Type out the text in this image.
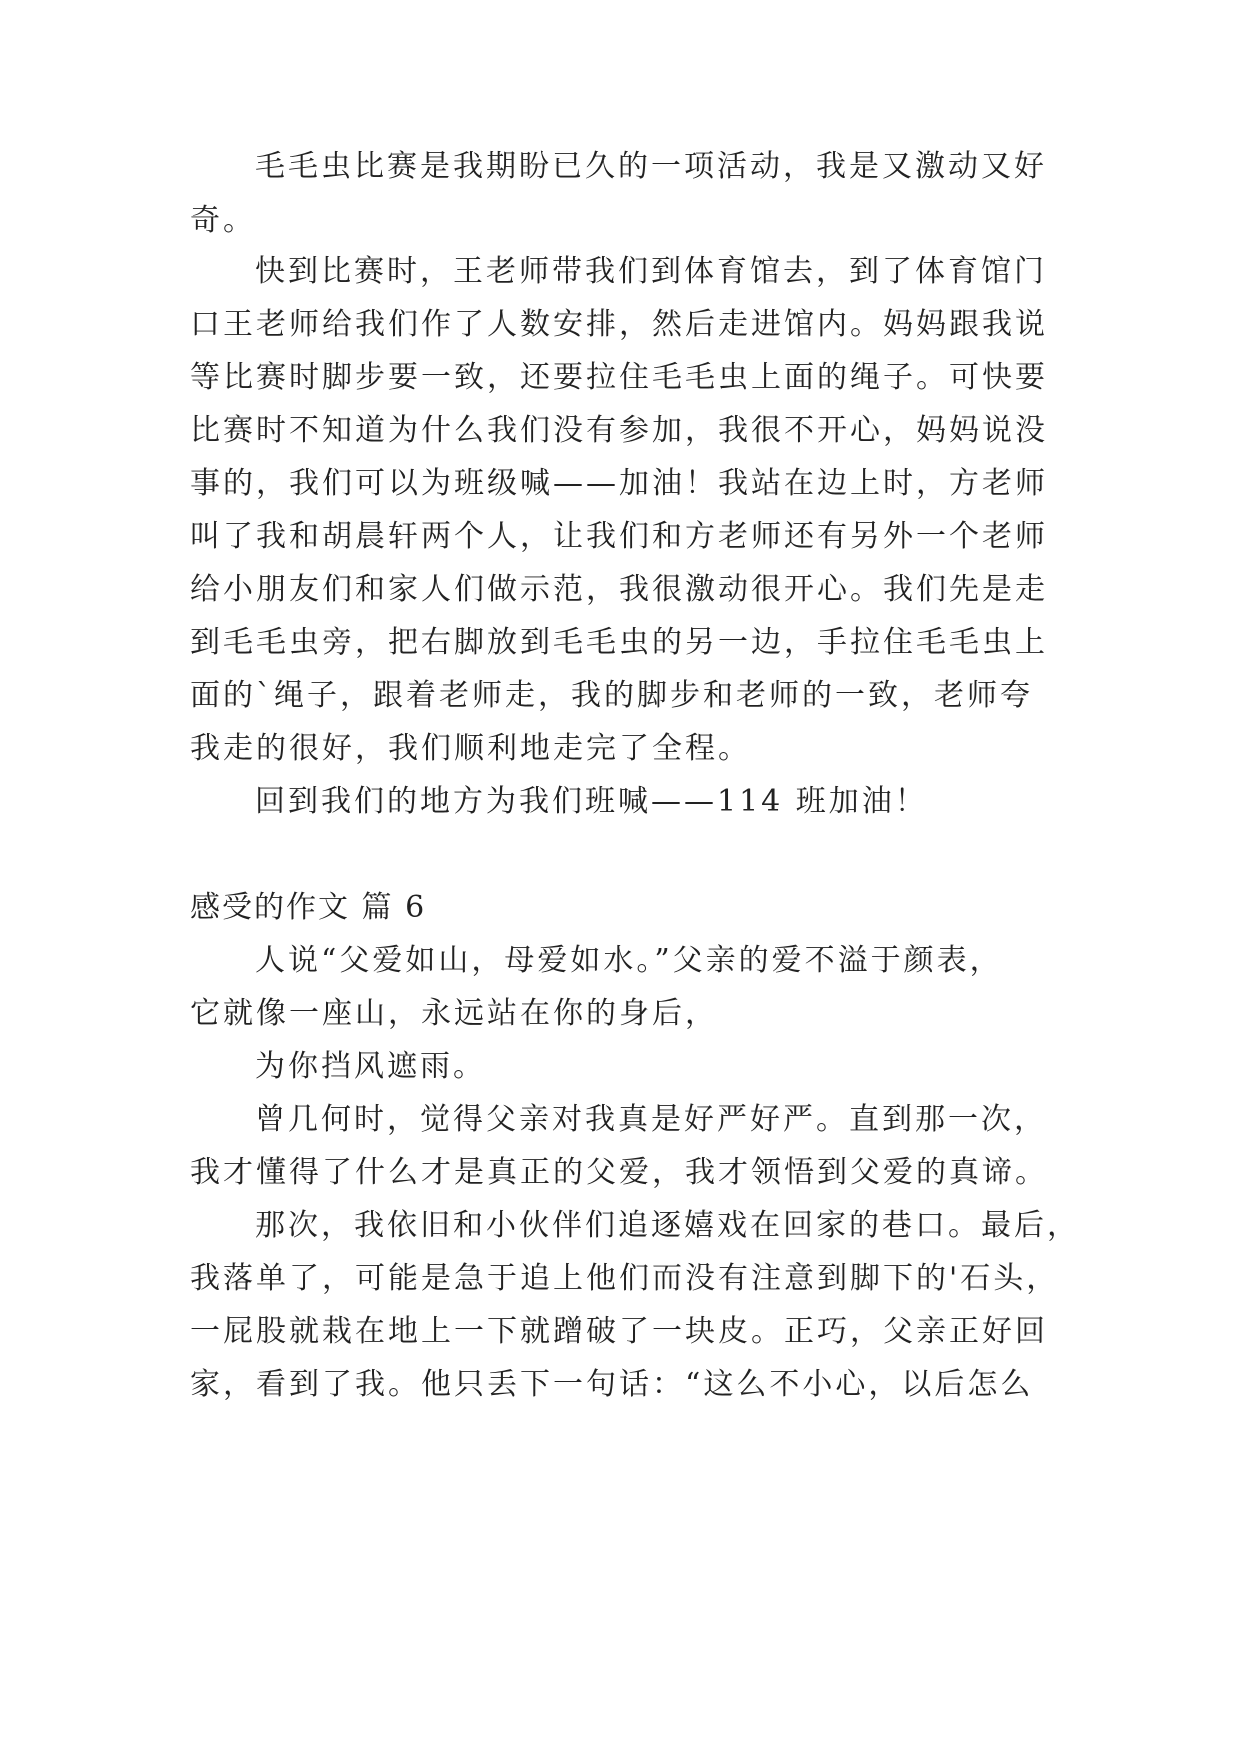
毛毛虫比赛是我期盼已久的一项活动，我是又激动又好
奇。
快到比赛时，王老师带我们到体育馆去，到了体育馆门
口王老师给我们作了人数安排，然后走进馆内。妈妈跟我说
等比赛时脚步要一致，还要拉住毛毛虫上面的绳子。可快要
比赛时不知道为什么我们没有参加，我很不开心，妈妈说没
事的，我们可以为班级喊——加油！我站在边上时，方老师
叫了我和胡晨轩两个人，让我们和方老师还有另外一个老师
给小朋友们和家人们做示范，我很激动很开心。我们先是走
到毛毛虫旁，把右脚放到毛毛虫的另一边，手拉住毛毛虫上
面的`绳子，跟着老师走，我的脚步和老师的一致，老师夸
我走的很好，我们顺利地走完了全程。
回到我们的地方为我们班喊——114 班加油！
感受的作文 篇 6
人说“父爱如山，母爱如水。”父亲的爱不溢于颜表，
它就像一座山，永远站在你的身后，
为你挡风遮雨。
曾几何时，觉得父亲对我真是好严好严。直到那一次，
我才懂得了什么才是真正的父爱，我才领悟到父爱的真谛。
那次，我依旧和小伙伴们追逐嬉戏在回家的巷口。最后，
我落单了，可能是急于追上他们而没有注意到脚下的'石头，
一屁股就栽在地上一下就蹭破了一块皮。正巧，父亲正好回
家，看到了我。他只丢下一句话：“这么不小心，以后怎么
